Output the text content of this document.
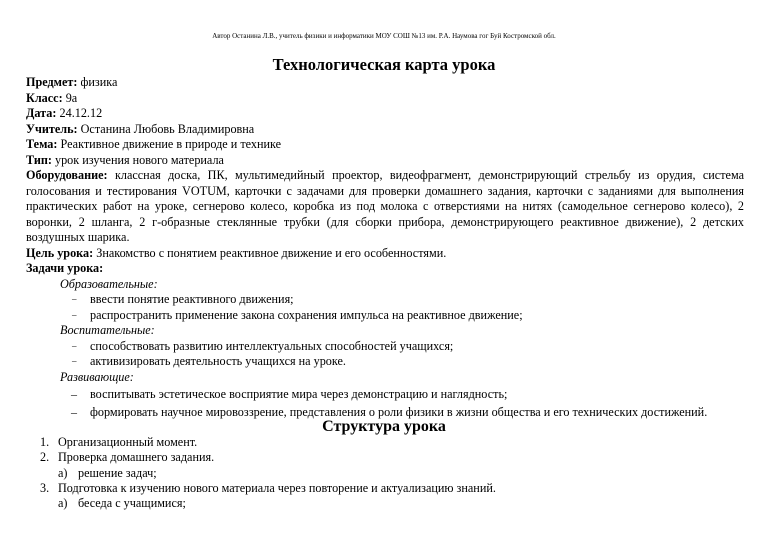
Автор Останина Л.В., учитель физики и информатики МОУ СОШ №13 им. Р.А. Наумова гог Буй Костромской обл.
Технологическая карта урока
Предмет: физика
Класс: 9а
Дата: 24.12.12
Учитель: Останина Любовь Владимировна
Тема: Реактивное движение в природе и технике
Тип: урок изучения нового материала
Оборудование: классная доска, ПК, мультимедийный проектор, видеофрагмент, демонстрирующий стрельбу из орудия, система голосования и тестирования VOTUM, карточки с задачами для проверки домашнего задания, карточки с заданиями для выполнения практических работ на уроке, сегнерово колесо, коробка из под молока с отверстиями на нитях (самодельное сегнерово колесо), 2 воронки, 2 шланга, 2 г-образные стеклянные трубки (для сборки прибора, демонстрирующего реактивное движение), 2 детских воздушных шарика.
Цель урока: Знакомство с понятием реактивное движение и его особенностями.
Задачи урока:
Образовательные:
– ввести понятие реактивного движения;
– распространить применение закона сохранения импульса на реактивное движение;
Воспитательные:
– способствовать развитию интеллектуальных способностей учащихся;
– активизировать деятельность учащихся на уроке.
Развивающие:
– воспитывать эстетическое восприятие мира через демонстрацию и наглядность;
– формировать научное мировоззрение, представления о роли физики в жизни общества и его технических достижений.
Структура урока
1. Организационный момент.
2. Проверка домашнего задания.
а) решение задач;
3. Подготовка к изучению нового материала через повторение и актуализацию знаний.
а) беседа с учащимися;
